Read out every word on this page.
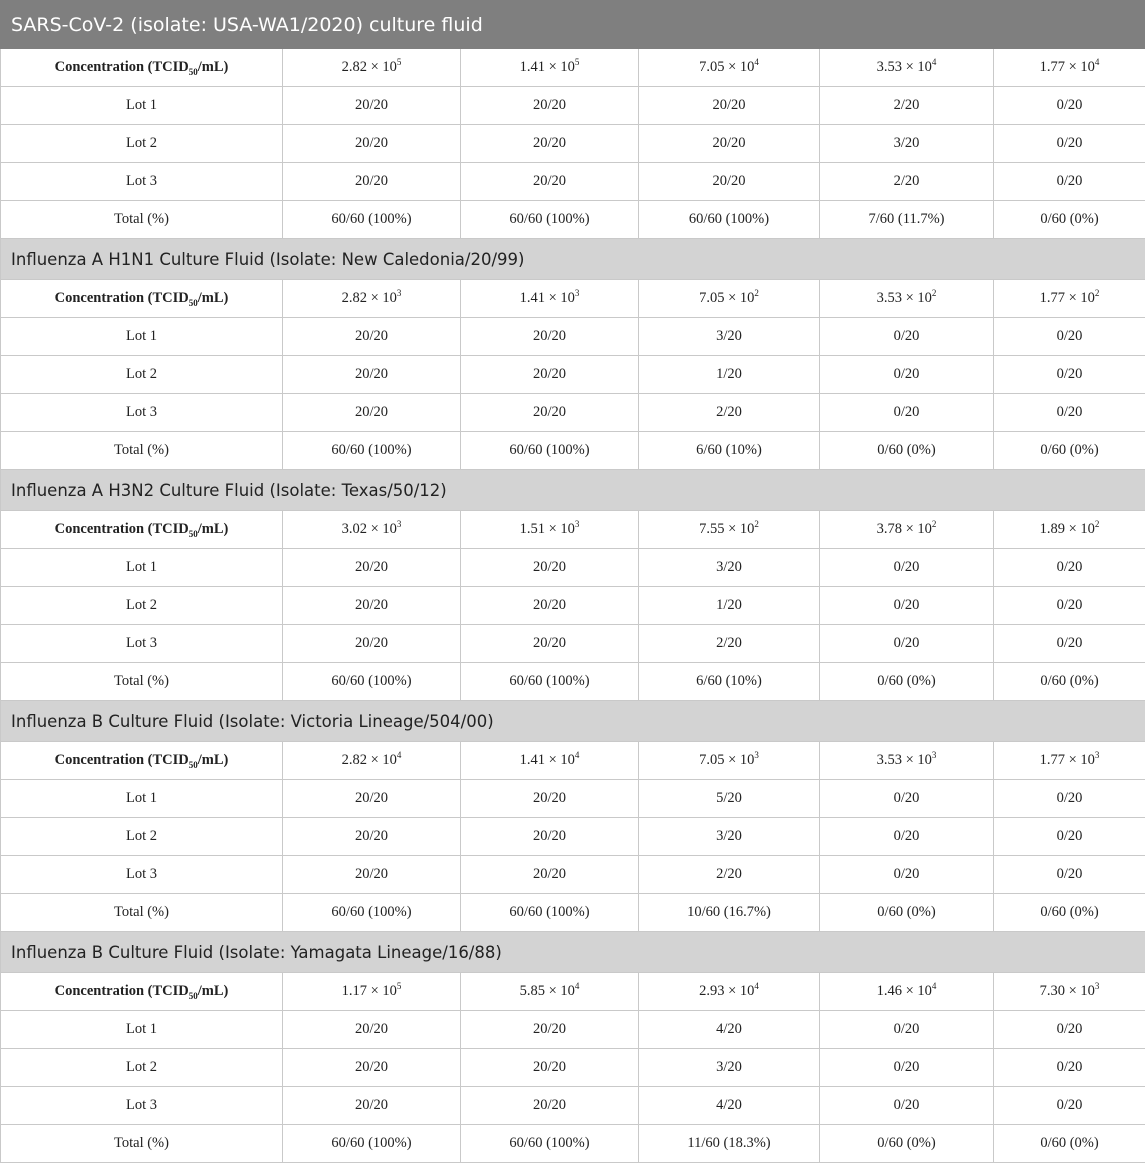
SARS-CoV-2 (isolate: USA-WA1/2020) culture fluid					
Concentration $(TCID_{50}/mL)$	$2.82 \times 10^5$	$1.41 \times 10^5$	$7.05 \times 10^4$	$3.53 \times 10^4$	$1.77 \times 10^4$
Lot 1	20/20	20/20	20/20	2/20	0/20
Lot 2	20/20	20/20	20/20	3/20	0/20
Lot 3	20/20	20/20	20/20	2/20	0/20
Total (%)	60/60 (100%)	60/60 (100%)	60/60 (100%)	7/60 (11.7%)	0/60 (0%)
Influenza A H1N1 Culture Fluid (Isolate: New Caledonia/20/99)					
Concentration $(TCID_{50}/mL)$	$2.82 \times 10^3$	$1.41 \times 10^3$	$7.05 \times 10^2$	$3.53 \times 10^2$	$1.77 \times 10^2$
Lot 1	20/20	20/20	3/20	0/20	0/20
Lot 2	20/20	20/20	1/20	0/20	0/20
Lot 3	20/20	20/20	2/20	0/20	0/20
Total (%)	60/60 (100%)	60/60 (100%)	6/60 (10%)	0/60 (0%)	0/60 (0%)
Influenza A H3N2 Culture Fluid (Isolate: Texas/50/12)					
Concentration $(TCID_{50}/mL)$	$3.02 \times 10^3$	$1.51 \times 10^3$	$7.55 \times 10^2$	$3.78 \times 10^2$	$1.89 \times 10^2$
Lot 1	20/20	20/20	3/20	0/20	0/20
Lot 2	20/20	20/20	1/20	0/20	0/20
Lot 3	20/20	20/20	2/20	0/20	0/20
Total (%)	60/60 (100%)	60/60 (100%)	6/60 (10%)	0/60 (0%)	0/60 (0%)
Influenza B Culture Fluid (Isolate: Victoria Lineage/504/00)					
Concentration $(TCID_{50}/mL)$	$2.82 \times 10^4$	$1.41 \times 10^4$	$7.05 \times 10^3$	$3.53 \times 10^3$	$1.77 \times 10^3$
Lot 1	20/20	20/20	5/20	0/20	0/20
Lot 2	20/20	20/20	3/20	0/20	0/20
Lot 3	20/20	20/20	2/20	0/20	0/20
Total (%)	60/60 (100%)	60/60 (100%)	10/60 (16.7%)	0/60 (0%)	0/60 (0%)
Influenza B Culture Fluid (Isolate: Yamagata Lineage/16/88)					
Concentration $(TCID_{50}/mL)$	$1.17 \times 10^5$	$5.85 \times 10^4$	$2.93 \times 10^4$	$1.46 \times 10^4$	$7.30 \times 10^3$
Lot 1	20/20	20/20	4/20	0/20	0/20
Lot 2	20/20	20/20	3/20	0/20	0/20
Lot 3	20/20	20/20	4/20	0/20	0/20
Total (%)	60/60 (100%)	60/60 (100%)	11/60 (18.3%)	0/60 (0%)	0/60 (0%)
